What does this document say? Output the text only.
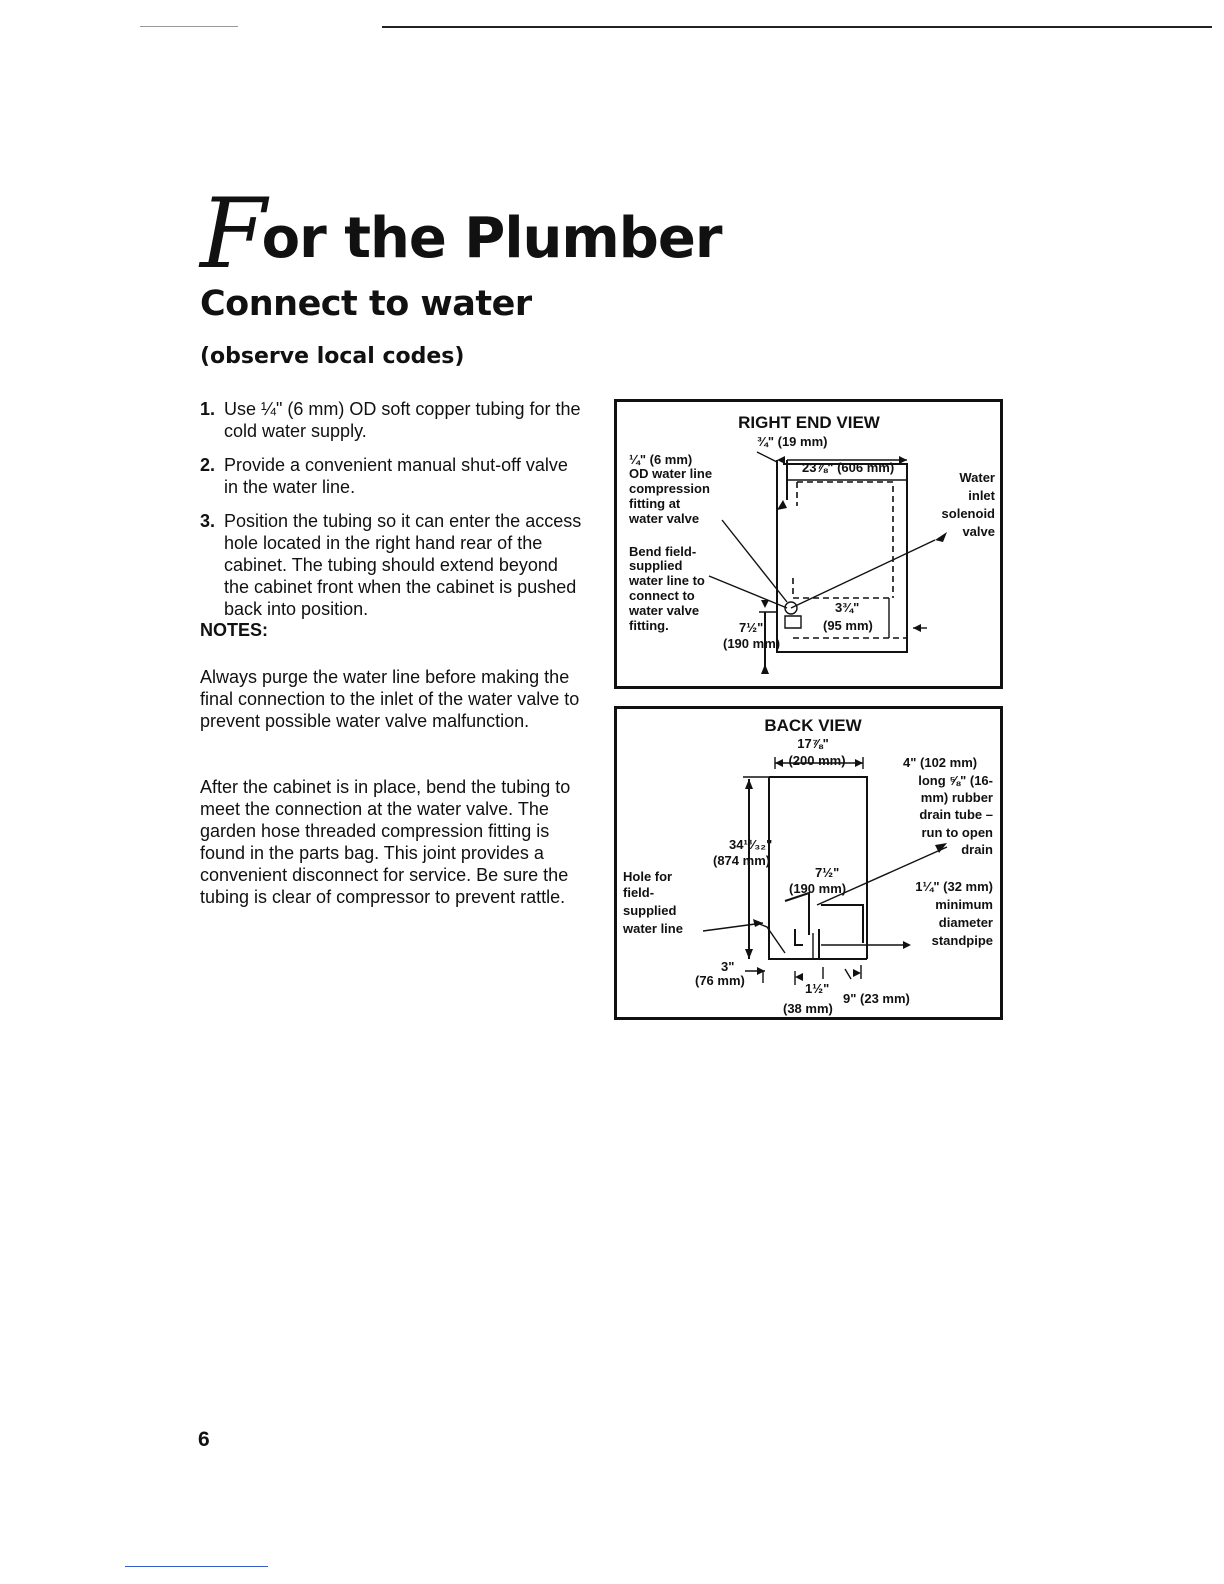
For the Plumber
Connect to water
(observe local codes)
1. Use ¼" (6 mm) OD soft copper tubing for the cold water supply.
2. Provide a convenient manual shut-off valve in the water line.
3. Position the tubing so it can enter the access hole located in the right hand rear of the cabinet. The tubing should extend beyond the cabinet front when the cabinet is pushed back into position.

NOTES:

Always purge the water line before making the final connection to the inlet of the water valve to prevent possible water valve malfunction.

After the cabinet is in place, bend the tubing to meet the connection at the water valve. The garden hose threaded compression fitting is found in the parts bag. This joint provides a convenient disconnect for service. Be sure the tubing is clear of compressor to prevent rattle.

RIGHT END VIEW
¾" (19 mm)
¼" (6 mm)
OD water line
compression
fitting at
water valve
Bend field-
supplied
water line to
connect to
water valve
fitting.
Water
inlet
solenoid
valve
23⅞" (606 mm)
7½"
(190 mm)
3¾"
(95 mm)
BACK VIEW
17⅞"
(200 mm)
34¹³⁄₃₂"
(874 mm)
7½"
(190 mm)
Hole for
field-
supplied
water line
4" (102 mm)
long ⅝" (16-
mm) rubber
drain tube –
run to open
drain
1¼" (32 mm)
minimum
diameter
standpipe
3"
(76 mm)
1½"
(38 mm)
9" (23 mm)
6
